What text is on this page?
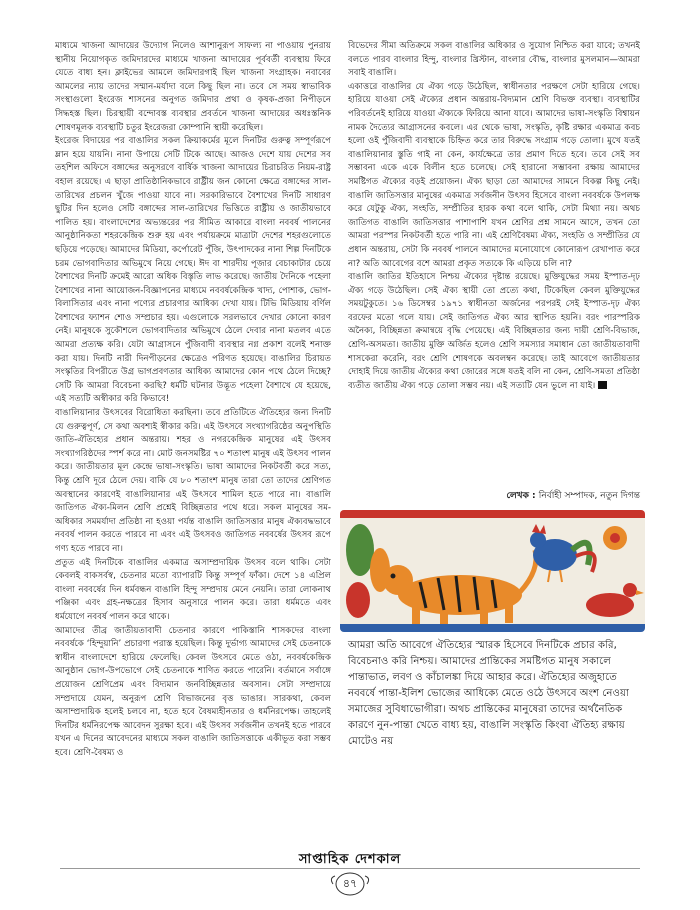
মাধ্যমে খাজনা আদায়ের উদ্যোগ নিলেও আশানুরূপ সাফল্য না পাওয়ায় পুনরায় স্থানীয় নিয়োগকৃত জমিদারদের মাধ্যমে খাজনা আদায়ের পূর্ববর্তী ব্যবস্থায় ফিরে যেতে বাধ্য হন। ক্লাইভের আমলে জমিদারগাই ছিল খাজনা সংগ্রাহক। নবাবের আমলের ন্যায় তাদের সম্মান-মর্যাদা বলে কিছু ছিল না। তবে সে সময় স্বাভাবিক সংস্থাগুলো ইংরেজ শাসনের অনুগত জমিদার প্রথা ও কৃষক-প্রজা নিপীড়নে সিদ্ধহস্ত ছিল। চিরস্থায়ী বন্দোবস্ত ব্যবস্থার প্রবর্তনে খাজনা আদায়ের অধঃস্তনিক শোষণমূলক ব্যবস্থাটি চতুর ইংরেজরা কোম্পানি স্থায়ী করেছিল।

ইংরেজ বিদায়ের পর বাঙালির সকল ক্রিয়াকর্মের মূলে দিনটির গুরুত্ব সম্পূর্ণরূপে ম্লান হয়ে যায়নি। নানা উপায়ে সেটি টিকে আছে। আজও দেশে যায় দেশের সব তহশিল অফিসে বঙ্গাব্দের অনুসরণে বার্ষিক খাজনা আদায়ের চিরাচরিত নিয়ম-রাষ্ট্র বহাল রয়েছে। এ ছাড়া প্রাতিষ্ঠানিকভাবে রাষ্ট্রীয় জন কোনো ক্ষেত্রে বঙ্গাব্দের সাল-তারিখের প্রচলন খুঁজে পাওয়া যাবে না। সরকারিভাবে বৈশাখের দিনটি সাধারণ ছুটির দিন হলেও সেটি বঙ্গাব্দের সাল-তারিখের ভিত্তিতে রাষ্ট্রীয় ও জাতীয়ভাবে পালিত হয়। বাংলাদেশের অভ্যন্তরের পর সীমিত আকারে বাংলা নববর্ষ পালনের আনুষ্ঠানিকতা শহরকেন্দ্রিক শুরু হয় এবং পর্যায়ক্রমে মাত্রাটা দেশের শহরগুলোতে ছড়িয়ে পড়েছে। আমাদের মিডিয়া, কর্পোরেট পুঁজি, উৎপাদকের নানা শিল্প দিনটিকে চরম ভোগবাদিতার অভিমুখে নিয়ে গেছে। ঈদ বা শারদীয় পূজার বেচাকাটার চেয়ে বৈশাখের দিনটি ক্রমেই আরো অধিক বিস্তৃতি লাভ করেছে। জাতীয় দৈনিকে পহেলা বৈশাখের নানা আয়োজন-বিজ্ঞাপনের মাধ্যমে নববর্ষকেন্দ্রিক খাদ্য, পোশাক, ভোগ-বিলাসিতার এবং নানা পণ্যের প্রচারণার আধিক্য দেখা যায়। টিভি মিডিয়ায় বর্ণিল বৈশাখের ফ্যাশন শোও সম্প্রচার হয়। এগুলোকে সরলভাবে দেখার কোনো কারণ নেই। মানুষকে সুকৌশলে ভোগবাদিতার অভিমুখে ঠেলে দেবার নানা মতলব এতে আমরা প্রত্যক্ষ করি। যেটা আগ্রাসনে পুঁজিবাদী ব্যবস্থার নগ্ন প্রকাশ বলেই শনাক্ত করা যায়। দিনটি নারী দিনপীড়নের ক্ষেত্রেও পরিণত হয়েছে। বাঙালির চিরায়ত সংস্কৃতির বিপরীতে উগ্র ভাগপ্রবণতার আধিক্য আমাদের কোন পথে ঠেলে দিচ্ছে? সেটি কি আমরা বিবেচনা করছি? ধর্মটি ঘটনার উদ্ভূত পহেলা বৈশাখে যে হয়েছে, এই সত্যটি অস্বীকার করি কিভাবে!

বাঙালিয়ানার উৎসবের বিরোধিতা করছিনা। তবে প্রতিটিতে ঐতিহ্যের জন্য দিনটি যে গুরুত্বপূর্ণ, সে কথা অবশ্যই স্বীকার করি। এই উৎসবে সংখ্যাগরিষ্ঠের অনুপস্থিতি জাতি-ঐতিহ্যের প্রধান অন্তরায়। শহর ও নগরকেন্দ্রিক মানুষের এই উৎসব সংখ্যাগরিষ্ঠদের স্পর্শ করে না। মোট জনসমষ্টির ৭০ শতাংশ মানুষ এই উৎসব পালন করে। জাতীয়তার মূল কেন্দ্রে ভাষা-সংস্কৃতি। ভাষা আমাদের নিকটবর্তী করে সত্য, কিন্তু শ্রেণি দূরে ঠেলে দেয়। বাকি যে ৮০ শতাংশ মানুষ তারা তো তাদের শ্রেণিগত অবস্থানের কারণেই বাঙালিয়ানার এই উৎসবে শামিল হতে পারে না। বাঙালি জাতিগত ঐক্য-মিলন শ্রেণি প্রশ্নেই বিচ্ছিন্নতার পথে ধরে। সকল মানুষের সম-অধিকার সমমর্যাদা প্রতিষ্ঠা না হওয়া পর্যন্ত বাঙালি জাতিসত্তার মানুষ ঐক্যবদ্ধভাবে নববর্ষ পালন করতে পারবে না এবং এই উৎসবও জাতিগত নববর্ষের উৎসব রূপে গণ্য হতে পারবে না।

প্রতুত এই দিনটিকে বাঙালির একমাত্র অসাম্প্রদায়িক উৎসব বলে থাকি। সেটা কেবলই বাকসর্বস্ব, চেতনার মতো ব্যাপারটি কিন্তু সম্পূর্ণ ফাঁকা। দেশে ১৪ এপ্রিল বাংলা নববর্ষের দিন ধর্মবন্ধন বাঙালি হিন্দু সম্প্রদায় মেনে নেয়নি। তারা লোকনাথ পঞ্জিকা এবং গ্রহ-নক্ষত্রের হিসাব অনুসারে পালন করে। তারা ধর্মমতে এবং ধর্মযোগে নববর্ষ পালন করে থাকে।

আমাদের তীব্র জাতীয়তাবাদী চেতনার কারণে পাকিস্তানি শাসকদের বাংলা নববর্ষকে ‘হিন্দুয়ানি’ প্রচারণা পরাস্ত হয়েছিল। কিন্তু দুর্ভাগ্য আমাদের সেই চেতনাকে স্বাধীন বাংলাদেশে হারিয়ে ফেলেছি। কেবল উৎসবে মেতে ওঠা, নববর্ষকেন্দ্রিক আনুষ্ঠান ভোগ-উপভোগে সেই চেতনাকে শাণিত করতে পারেনি। বর্তমানে সর্বাঙ্গে প্রয়োজন শ্রেণিপ্রেম এবং বিদ্যমান জনবিচ্ছিন্নতার অবসান। সেটা সম্প্রদায়ে সম্প্রদায়ে যেমন, অনুরূপ শ্রেণি বিভাজনের বৃত্ত ভাঙার। সারকথা, কেবল অসাম্প্রদায়িক হলেই চলবে না, হতে হবে বৈষম্যহীনতার ও ধর্মনিরপেক্ষ। তাহলেই দিনটির ধর্মনিরপেক্ষ আবেদন সুরক্ষা হবে। এই উৎসব সর্বজনীন তখনই হতে পারবে যখন এ দিনের আবেদনের মাধ্যমে সকল বাঙালি জাতিসত্তাকে একীভূত করা সম্ভব হবে। শ্রেণি-বৈষম্য ও

বিভেদের সীমা অতিক্রমে সকল বাঙালির অধিকার ও সুযোগ নিশ্চিত করা যাবে; তখনই বলতে পারব বাংলার হিন্দু, বাংলার খ্রিস্টান, বাংলার বৌদ্ধ, বাংলার মুসলমান—আমরা সবাই বাঙালি।

একাত্তরে বাঙালির যে ঐক্য গড়ে উঠেছিল, স্বাধীনতার পরক্ষণে সেটা হারিয়ে গেছে। হারিয়ে যাওয়া সেই ঐক্যের প্রধান অন্তরায়-বিদ্যমান শ্রেণি বিভক্ত ব্যবস্থা। ব্যবস্থাটির পরিবর্তনেই হারিয়ে যাওয়া ঐক্যকে ফিরিয়ে আনা যাবে। আমাদের ভাষা-সংস্কৃতি বিশ্বায়ন নামক দৈত্যের আগ্রাসনের কবলে। এর থেকে ভাষা, সংস্কৃতি, কৃষ্টি রক্ষার একমাত্র কবচ হলো ওই পুঁজিবাদী ব্যবস্থাকে চিহ্নিত করে তার বিরুদ্ধে সংগ্রাম গড়ে তোলা। মুখে যতই বাঙালিয়ানার স্তুতি গাই না কেন, কার্যক্ষেত্রে তার প্রমাণ দিতে হবে। তবে সেই সব সম্ভাবনা একে একে বিলীন হতে চলেছে। সেই হারানো সম্ভাবনা রক্ষায় আমাদের সমষ্টিগত ঐক্যের বড়ই প্রয়োজন। ঐক্য ছাড়া তো আমাদের সামনে বিকল্প কিছু নেই। বাঙালি জাতিসত্তার মানুষের একমাত্র সর্বজনীন উৎসব হিসেবে বাংলা নববর্ষকে উপলক্ষ করে যেটুকু ঐক্য, সংহতি, সম্প্রীতির হারক কথা বলে থাকি, সেটা মিথ্যা নয়। অথচ জাতিগত বাঙালি জাতিসত্তার পাশাপাশি যখন শ্রেণির প্রশ্ন সামনে আসে, তখন তো আমরা পরস্পর নিকটবর্তী হতে পারি না। এই শ্রেণিবৈষম্য ঐক্য, সংহতি ও সম্প্রীতির যে প্রধান অন্তরায়, সেটা কি নববর্ষ পালনে আমাদের মনোযোগে কোনোরূপ রেখাপাত করে না? অতি আবেগের বশে আমরা প্রকৃত সত্যকে কি এড়িয়ে চলি না?

বাঙালি জাতির ইতিহাসে নিশ্চয় ঐক্যের দৃষ্টান্ত রয়েছে। মুক্তিযুদ্ধের সময় ইস্পাত-দৃঢ় ঐক্য গড়ে উঠেছিল। সেই ঐক্য স্থায়ী তো প্রত্যে কথা, টিকেছিল কেবল মুক্তিযুদ্ধের সময়টুকুতে। ১৬ ডিসেম্বর ১৯৭১ স্বাধীনতা অর্জনের পরপরই সেই ইস্পাত-দৃঢ় ঐক্য বরফের মতো গলে যায়। সেই জাতিগত ঐক্য আর স্থাপিত হয়নি। বরং পারস্পরিক অনৈক্য, বিচ্ছিন্নতা ক্রমান্বয়ে বৃদ্ধি পেয়েছে। এই বিচ্ছিন্নতার জন্য দায়ী শ্রেণি-বিভাজ, শ্রেণি-অসমতা। জাতীয় মুক্তি অর্জিত হলেও শ্রেণি সমস্যার সমাধান তো জাতীয়তাবাদী শাসকেরা করেনি, বরং শ্রেণি শোষণকে অবলম্বন করেছে। তাই আবেগে জাতীয়তার দোহাই দিয়ে জাতীয় ঐক্যের কথা জোরের সঙ্গে যতই বলি না কেন, শ্রেণি-সমতা প্রতিষ্ঠা ব্যতীত জাতীয় ঐক্য গড়ে তোলা সম্ভব নয়। এই সত্যটি যেন ভুলে না যাই।

লেখক : নির্বাহী সম্পাদক, নতুন দিগন্ত
আমরা অতি আবেগে ঐতিহ্যের স্মারক হিসেবে দিনটিকে প্রচার করি, বিবেচনাও করি নিশ্চয়। আমাদের প্রান্তিকের সমষ্টিগত মানুষ সকালে পান্তাভাত, লবণ ও কাঁচালঙ্কা দিয়ে আহার করে। ঐতিহ্যের অজুহাতে নববর্ষে পান্তা-ইলিশ ভোজের আধিক্যে মেতে ওঠে উৎসবে অংশ নেওয়া সমাজের সুবিধাভোগীরা। অথচ প্রান্তিকের মানুষেরা তাদের অর্থনৈতিক কারণে নুন-পান্তা খেতে বাধ্য হয়, বাঙালি সংস্কৃতি কিংবা ঐতিহ্য রক্ষায় মোটেও নয়
সাপ্তাহিক দেশকাল
৪৭
